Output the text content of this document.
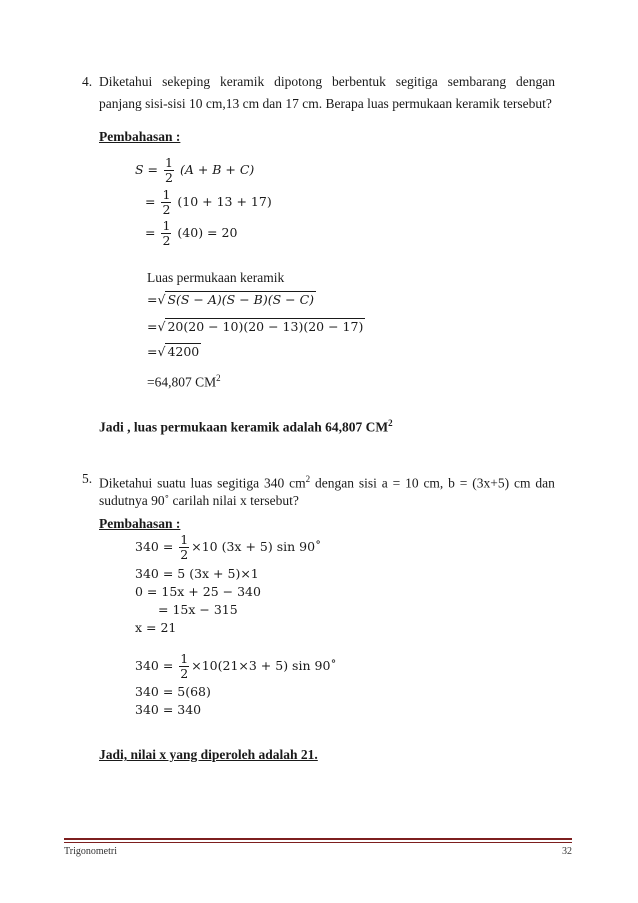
4. Diketahui sekeping keramik dipotong berbentuk segitiga sembarang dengan
panjang sisi-sisi 10 cm,13 cm dan 17 cm. Berapa luas permukaan keramik tersebut?
Pembahasan :
$S = \frac{1}{2} (A + B + C)$
= $\frac{1}{2} (10 + 13 + 17)$
= $\frac{1}{2} (40) = 20$
Luas permukaan keramik
=√ S(S − A)(S − B)(S − C)
=√ 20(20 − 10)(20 − 13)(20 − 17)
=√ 4200
=64,807 $CM^2$
Jadi , luas permukaan keramik adalah 64,807 $CM^2$
5. Diketahui suatu luas segitiga 340 $cm^2$ dengan sisi a = 10 cm, b = (3x+5) cm dan
sudutnya 90˚ carilah nilai x tersebut?
Pembahasan :
$340 = \frac{1}{2} \times 10$ (3x + 5) sin 90˚
340 = 5 (3x + 5)×1
0 = 15x + 25 − 340
= 15x − 315
x = 21
$340 = \frac{1}{2} \times 10(21\times 3 + 5)$ sin 90˚
340 = 5(68)
340 = 340
Jadi, nilai x yang diperoleh adalah 21.
Trigonometri	32
